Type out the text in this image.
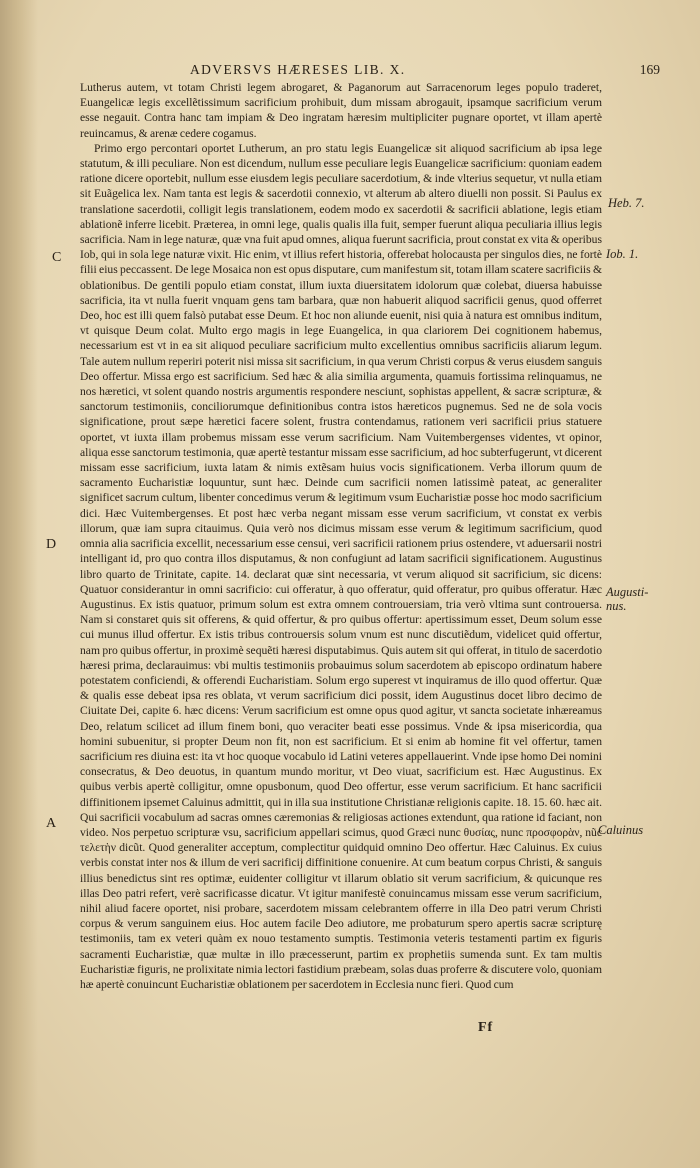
ADVERSVS HÆRESES LIB. X.	169

Lutherus autem, vt totam Christi legem abrogaret, & Paganorum aut Sarracenorum leges populo traderet, Euangelicæ legis excellẽtissimum sacrificium prohibuit, dum missam abrogauit, ipsamque sacrificium verum esse negauit. Contra hanc tam impiam & Deo ingratam hæresim multipliciter pugnare oportet, vt illam apertè reuincamus, & arenæ cedere cogamus.

Primo ergo percontari oportet Lutherum, an pro statu legis Euangelicæ sit aliquod sacrificium ab ipsa lege statutum, & illi peculiare. Non est dicendum, nullum esse peculiare legis Euangelicæ sacrificium: quoniam eadem ratione dicere oportebit, nullum esse eiusdem legis peculiare sacerdotium, & inde vlterius sequetur, vt nulla etiam sit Euãgelica lex. Nam tanta est legis & sacerdotii connexio, vt alterum ab altero diuelli non possit. Si Paulus ex translatione sacerdotii, colligit legis translationem, eodem modo ex sacerdotii & sacrificii ablatione, legis etiam ablationẽ inferre licebit. Præterea, in omni lege, qualis qualis illa fuit, semper fuerunt aliqua peculiaria illius legis sacrificia. Nam in lege naturæ, quæ vna fuit apud omnes, aliqua fuerunt sacrificia, prout constat ex vita & operibus Iob, qui in sola lege naturæ vixit. Hic enim, vt illius refert historia, offerebat holocausta per singulos dies, ne fortè filii eius peccassent. De lege Mosaica non est opus disputare, cum manifestum sit, totam illam scatere sacrificiis & oblationibus. De gentili populo etiam constat, illum iuxta diuersitatem idolorum quæ colebat, diuersa habuisse sacrificia, ita vt nulla fuerit vnquam gens tam barbara, quæ non habuerit aliquod sacrificii genus, quod offerret Deo, hoc est illi quem falsò putabat esse Deum. Et hoc non aliunde euenit, nisi quia à natura est omnibus inditum, vt quisque Deum colat. Multo ergo magis in lege Euangelica, in qua clariorem Dei cognitionem habemus, necessarium est vt in ea sit aliquod peculiare sacrificium multo excellentius omnibus sacrificiis aliarum legum. Tale autem nullum reperiri poterit nisi missa sit sacrificium, in qua verum Christi corpus & verus eiusdem sanguis Deo offertur. Missa ergo est sacrificium. Sed hæc & alia similia argumenta, quamuis fortissima relinquamus, ne nos hæretici, vt solent quando nostris argumentis respondere nesciunt, sophistas appellent, & sacræ scripturæ, & sanctorum testimoniis, conciliorumque definitionibus contra istos hæreticos pugnemus. Sed ne de sola vocis significatione, prout sæpe hæretici facere solent, frustra contendamus, rationem veri sacrificii prius statuere oportet, vt iuxta illam probemus missam esse verum sacrificium. Nam Vuitembergenses videntes, vt opinor, aliqua esse sanctorum testimonia, quæ apertè testantur missam esse sacrificium, ad hoc subterfugerunt, vt dicerent missam esse sacrificium, iuxta latam & nimis extẽsam huius vocis significationem. Verba illorum quum de sacramento Eucharistiæ loquuntur, sunt hæc. Deinde cum sacrificii nomen latissimè pateat, ac generaliter significet sacrum cultum, libenter concedimus verum & legitimum vsum Eucharistiæ posse hoc modo sacrificium dici. Hæc Vuitembergenses. Et post hæc verba negant missam esse verum sacrificium, vt constat ex verbis illorum, quæ iam supra citauimus. Quia verò nos dicimus missam esse verum & legitimum sacrificium, quod omnia alia sacrificia excellit, necessarium esse censui, veri sacrificii rationem prius ostendere, vt aduersarii nostri intelligant id, pro quo contra illos disputamus, & non confugiunt ad latam sacrificii significationem. Augustinus libro quarto de Trinitate, capite. 14. declarat quæ sint necessaria, vt verum aliquod sit sacrificium, sic dicens: Quatuor considerantur in omni sacrificio: cui offeratur, à quo offeratur, quid offeratur, pro quibus offeratur. Hæc Augustinus. Ex istis quatuor, primum solum est extra omnem controuersiam, tria verò vltima sunt controuersa. Nam si constaret quis sit offerens, & quid offertur, & pro quibus offertur: apertissimum esset, Deum solum esse cui munus illud offertur. Ex istis tribus controuersis solum vnum est nunc discutiẽdum, videlicet quid offertur, nam pro quibus offertur, in proximè sequẽti hæresi disputabimus. Quis autem sit qui offerat, in titulo de sacerdotio hæresi prima, declarauimus: vbi multis testimoniis probauimus solum sacerdotem ab episcopo ordinatum habere potestatem conficiendi, & offerendi Eucharistiam. Solum ergo superest vt inquiramus de illo quod offertur. Quæ & qualis esse debeat ipsa res oblata, vt verum sacrificium dici possit, idem Augustinus docet libro decimo de Ciuitate Dei, capite 6. hæc dicens: Verum sacrificium est omne opus quod agitur, vt sanctа societate inhæreamus Deo, relatum scilicet ad illum finem boni, quo veraciter beati esse possimus. Vnde & ipsa misericordia, qua homini subuenitur, si propter Deum non fit, non est sacrificium. Et si enim ab homine fit vel offertur, tamen sacrificium res diuina est: ita vt hoc quoque vocabulo id Latini veteres appellauerint. Vnde ipse homo Dei nomini consecratus, & Deo deuotus, in quantum mundo moritur, vt Deo viuat, sacrificium est. Hæc Augustinus. Ex quibus verbis apertè colligitur, omne opusbonum, quod Deo offertur, esse verum sacrificium. Et hanc sacrificii diffinitionem ipsemet Caluinus admittit, qui in illa sua institutione Christianæ religionis capite. 18. 15. 60. hæc ait. Qui sacrificii vocabulum ad sacras omnes cæremonias & religiosas actiones extendunt, qua ratione id faciant, non video. Nos perpetuo scripturæ vsu, sacrificium appellari scimus, quod Græci nunc θυσίας, nunc προσφορὰν, nũc τελετὴν dicũt. Quod generaliter acceptum, complectitur quidquid omnino Deo offertur. Hæc Caluinus. Ex cuius verbis constat inter nos & illum de veri sacrificij diffinitione conuenire. At cum beatum corpus Christi, & sanguis illius benedictus sint res optimæ, euidenter colligitur vt illarum oblatio sit verum sacrificium, & quicunque res illas Deo patri refert, verè sacrificasse dicatur. Vt igitur manifestè conuincamus missam esse verum sacrificium, nihil aliud facere oportet, nisi probare, sacerdotem missam celebrantem offerre in illa Deo patri verum Christi corpus & verum sanguinem eius. Hoc autem facile Deo adiutore, me probaturum spero apertis sacræ scripturę testimoniis, tam ex veteri quàm ex nouo testamento sumptis. Testimonia veteris testamenti partim ex figuris sacramenti Eucharistiæ, quæ multæ in illo præcesserunt, partim ex prophetiis sumenda sunt. Ex tam multis Eucharistiæ figuris, ne prolixitate nimia lectori fastidium præbeam, solas duas proferre & discutere volo, quoniam hæ apertè conuincunt Eucharistiæ oblationem per sacerdotem in Ecclesia nunc fieri. Quod cum

Heb. 7.
Iob. 1.
Augusti-nus.
Caluinus
C
D
A
Ff
